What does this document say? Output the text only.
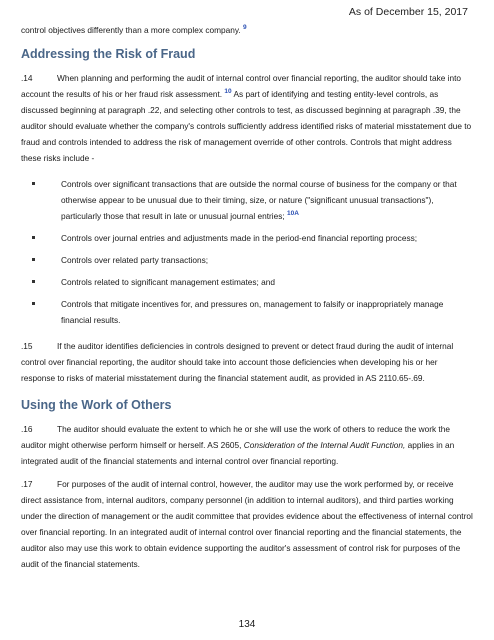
As of December 15, 2017

control objectives differently than a more complex company. $^9$

Addressing the Risk of Fraud

.14	When planning and performing the audit of internal control over financial reporting, the auditor should take into account the results of his or her fraud risk assessment. $^{10}$ As part of identifying and testing entity-level controls, as discussed beginning at paragraph .22, and selecting other controls to test, as discussed beginning at paragraph .39, the auditor should evaluate whether the company's controls sufficiently address identified risks of material misstatement due to fraud and controls intended to address the risk of management override of other controls. Controls that might address these risks include -

Controls over significant transactions that are outside the normal course of business for the company or that otherwise appear to be unusual due to their timing, size, or nature ("significant unusual transactions"), particularly those that result in late or unusual journal entries; $^{10A}$
Controls over journal entries and adjustments made in the period-end financial reporting process;
Controls over related party transactions;
Controls related to significant management estimates; and
Controls that mitigate incentives for, and pressures on, management to falsify or inappropriately manage financial results.

.15	If the auditor identifies deficiencies in controls designed to prevent or detect fraud during the audit of internal control over financial reporting, the auditor should take into account those deficiencies when developing his or her response to risks of material misstatement during the financial statement audit, as provided in AS 2110.65-.69.

Using the Work of Others

.16	The auditor should evaluate the extent to which he or she will use the work of others to reduce the work the auditor might otherwise perform himself or herself. AS 2605, Consideration of the Internal Audit Function, applies in an integrated audit of the financial statements and internal control over financial reporting.

.17	For purposes of the audit of internal control, however, the auditor may use the work performed by, or receive direct assistance from, internal auditors, company personnel (in addition to internal auditors), and third parties working under the direction of management or the audit committee that provides evidence about the effectiveness of internal control over financial reporting. In an integrated audit of internal control over financial reporting and the financial statements, the auditor also may use this work to obtain evidence supporting the auditor's assessment of control risk for purposes of the audit of the financial statements.

134
